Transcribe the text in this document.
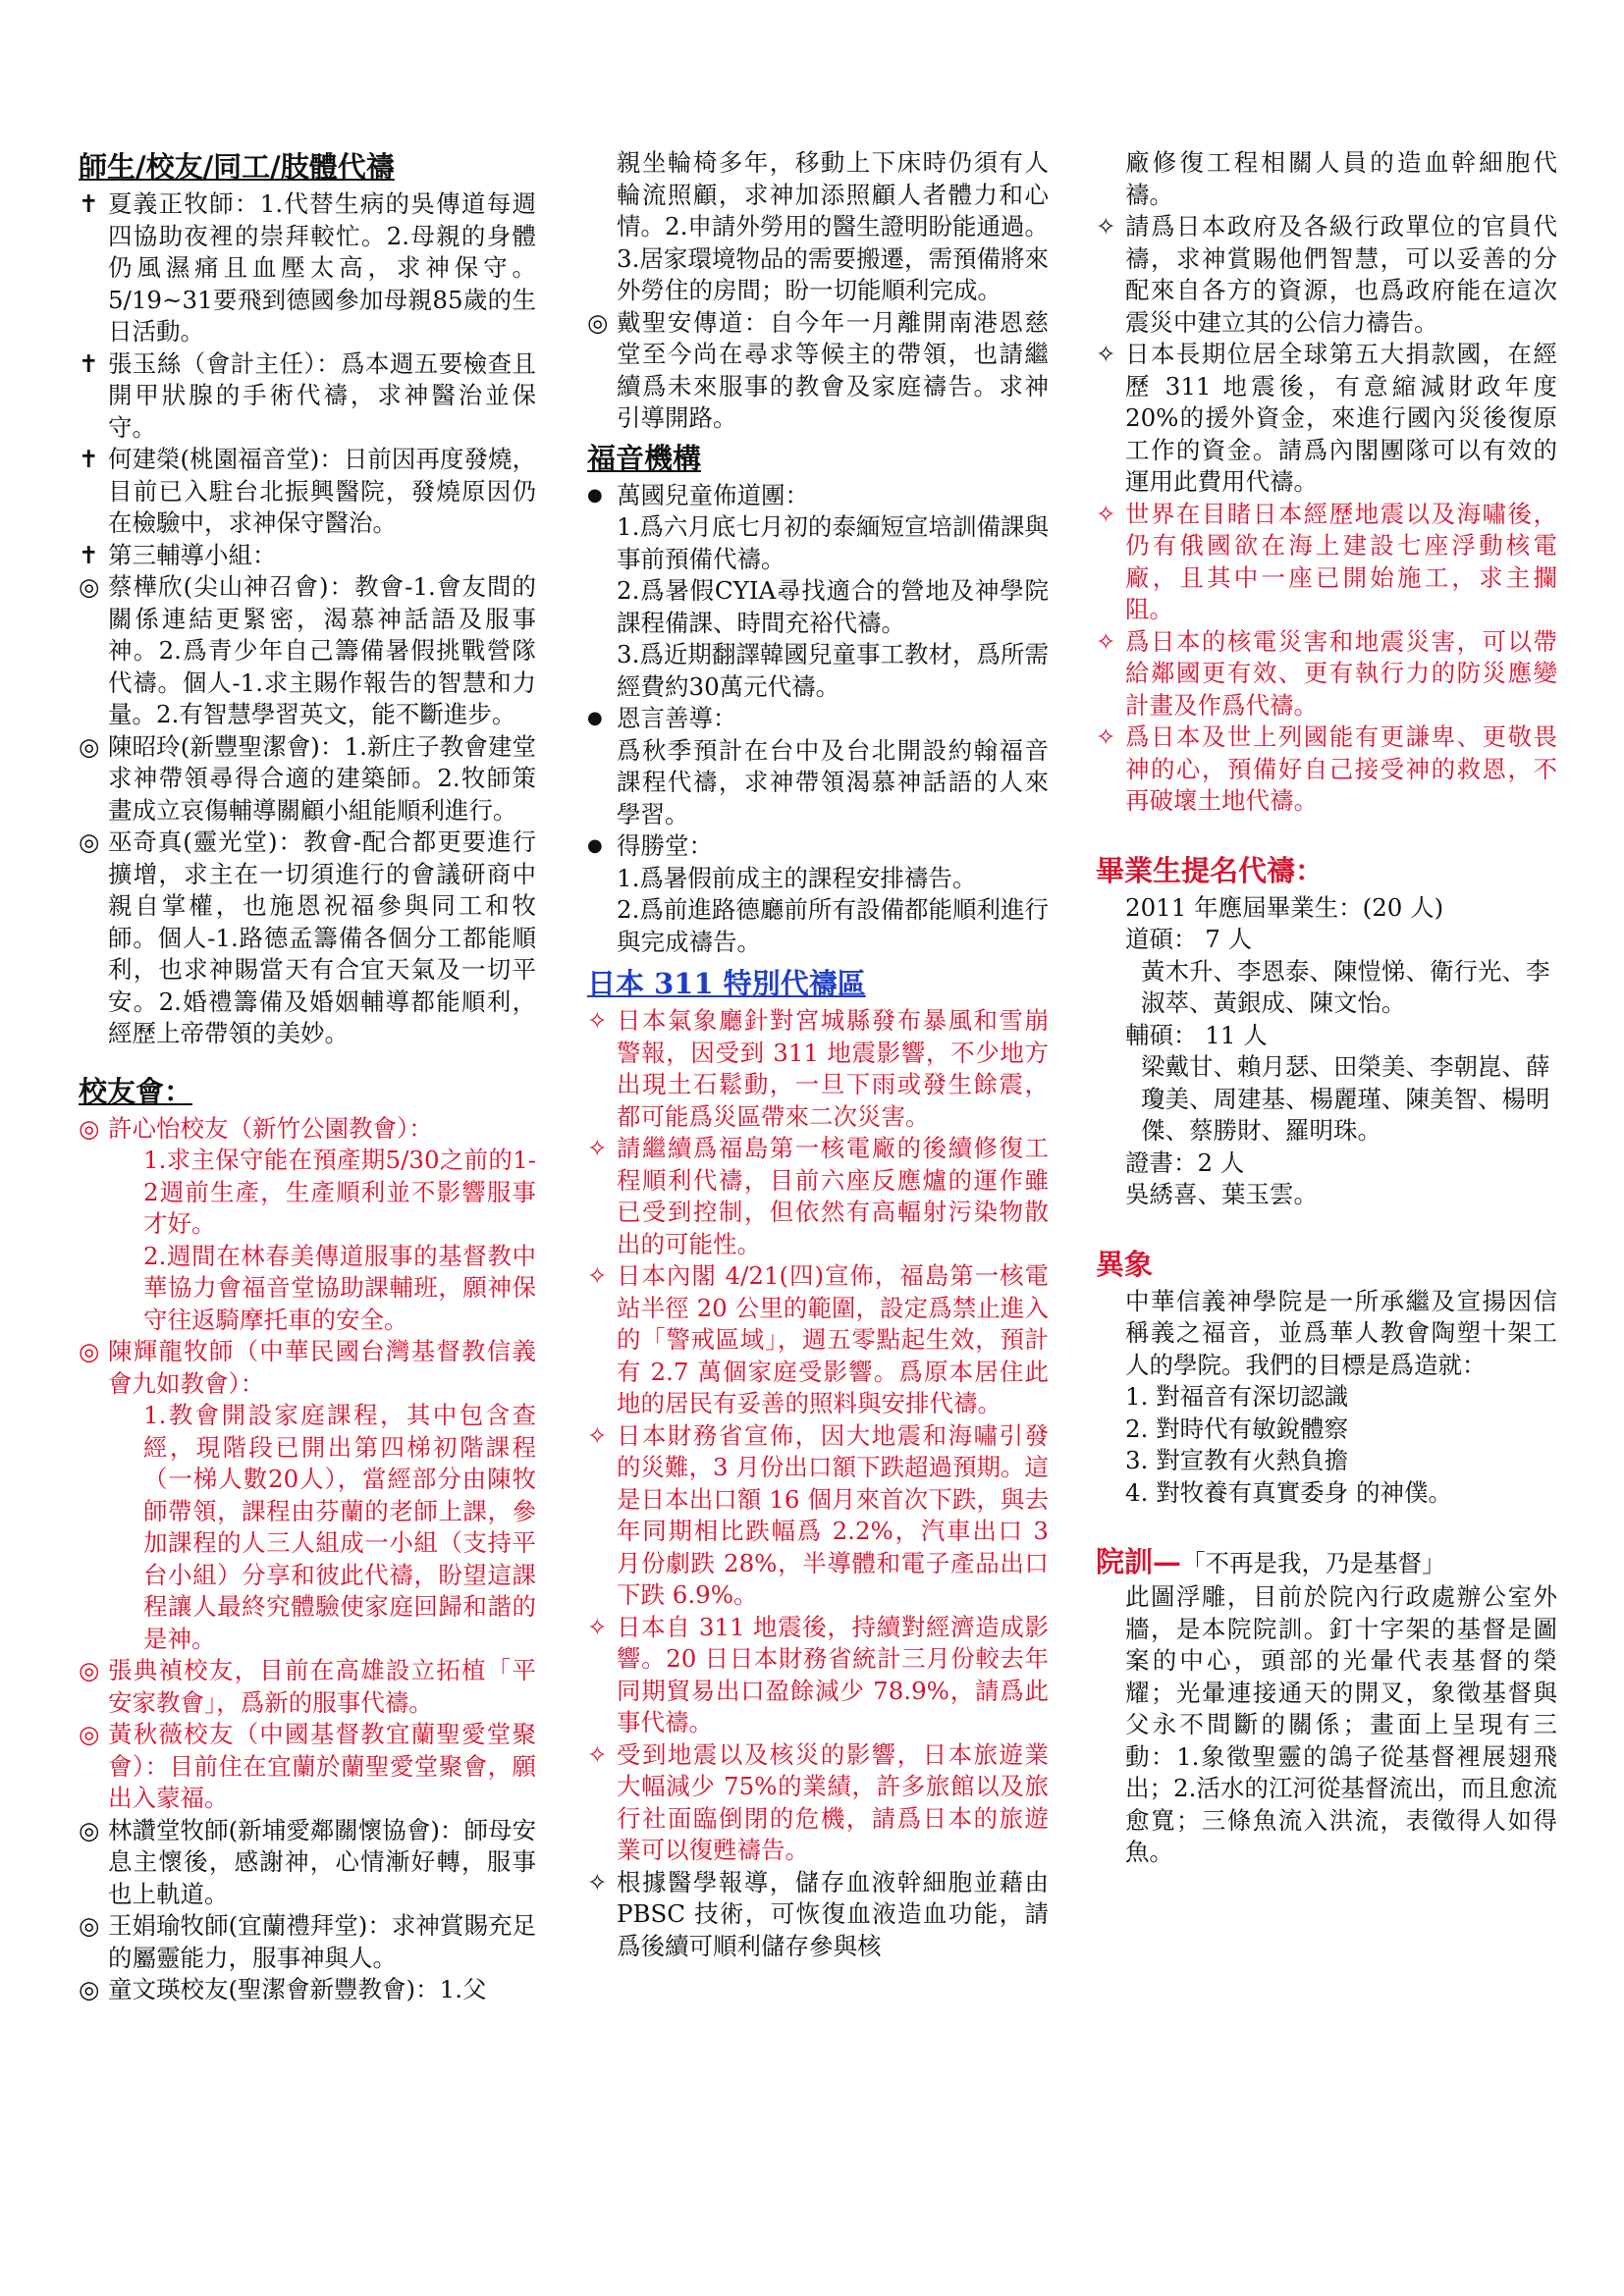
師生/校友/同工/肢體代禱
✝ 夏義正牧師：1.代替生病的吳傳道每週四協助夜裡的崇拜較忙。2.母親的身體仍風濕痛且血壓太高，求神保守。5/19~31要飛到德國參加母親85歲的生日活動。
✝ 張玉絲（會計主任）：爲本週五要檢查且開甲狀腺的手術代禱，求神醫治並保守。
✝ 何建榮(桃園福音堂)：日前因再度發燒，目前已入駐台北振興醫院，發燒原因仍在檢驗中，求神保守醫治。
✝ 第三輔導小組：
◎ 蔡樺欣(尖山神召會)：教會-1.會友間的關係連結更緊密，渴慕神話語及服事神。2.爲青少年自己籌備暑假挑戰營隊代禱。個人-1.求主賜作報告的智慧和力量。2.有智慧學習英文，能不斷進步。
◎ 陳昭玲(新豐聖潔會)：1.新庄子教會建堂求神帶領尋得合適的建築師。2.牧師策畫成立哀傷輔導關顧小組能順利進行。
◎ 巫奇真(靈光堂)：教會-配合都更要進行擴增，求主在一切須進行的會議研商中親自掌權，也施恩祝福參與同工和牧師。個人-1.路德孟籌備各個分工都能順利，也求神賜當天有合宜天氣及一切平安。2.婚禮籌備及婚姻輔導都能順利，經歷上帝帶領的美妙。
校友會：
◎ 許心怡校友（新竹公園教會）：
1.求主保守能在預產期5/30之前的1-2週前生產，生產順利並不影響服事才好。
2.週間在林春美傳道服事的基督教中華協力會福音堂協助課輔班，願神保守往返騎摩托車的安全。
◎ 陳輝龍牧師（中華民國台灣基督教信義會九如教會）：
1.教會開設家庭課程，其中包含查經，現階段已開出第四梯初階課程（一梯人數20人），當經部分由陳牧師帶領，課程由芬蘭的老師上課，參加課程的人三人組成一小組（支持平台小組）分享和彼此代禱，盼望這課程讓人最終究體驗使家庭回歸和諧的是神。
◎ 張典禎校友，目前在高雄設立拓植「平安家教會」，爲新的服事代禱。
◎ 黃秋薇校友（中國基督教宜蘭聖愛堂聚會）：目前住在宜蘭於蘭聖愛堂聚會，願出入蒙福。
◎ 林讚堂牧師(新埔愛鄰關懷協會)：師母安息主懷後，感謝神，心情漸好轉，服事也上軌道。
◎ 王娟瑜牧師(宜蘭禮拜堂)：求神賞賜充足的屬靈能力，服事神與人。
◎ 童文瑛校友(聖潔會新豐教會)：1.父
親坐輪椅多年，移動上下床時仍須有人輪流照顧，求神加添照顧人者體力和心情。2.申請外勞用的醫生證明盼能通過。3.居家環境物品的需要搬遷，需預備將來外勞住的房間；盼一切能順利完成。
◎ 戴聖安傳道：自今年一月離開南港恩慈堂至今尚在尋求等候主的帶領，也請繼續爲未來服事的教會及家庭禱告。求神引導開路。
福音機構
● 萬國兒童佈道團：
1.爲六月底七月初的泰緬短宣培訓備課與事前預備代禱。
2.爲暑假CYIA尋找適合的營地及神學院課程備課、時間充裕代禱。
3.爲近期翻譯韓國兒童事工教材，爲所需經費約30萬元代禱。
● 恩言善導：
爲秋季預計在台中及台北開設約翰福音課程代禱，求神帶領渴慕神話語的人來學習。
● 得勝堂：
1.爲暑假前成主的課程安排禱告。
2.爲前進路德廳前所有設備都能順利進行與完成禱告。
日本 311 特別代禱區
✧ 日本氣象廳針對宮城縣發布暴風和雪崩警報，因受到 311 地震影響，不少地方出現土石鬆動，一旦下雨或發生餘震，都可能爲災區帶來二次災害。
✧ 請繼續爲福島第一核電廠的後續修復工程順利代禱，目前六座反應爐的運作雖已受到控制，但依然有高輻射污染物散出的可能性。
✧ 日本內閣 4/21(四)宣佈，福島第一核電站半徑 20 公里的範圍，設定爲禁止進入的「警戒區域」，週五零點起生效，預計有 2.7 萬個家庭受影響。爲原本居住此地的居民有妥善的照料與安排代禱。
✧ 日本財務省宣佈，因大地震和海嘯引發的災難，3 月份出口額下跌超過預期。這是日本出口額 16 個月來首次下跌，與去年同期相比跌幅爲 2.2%，汽車出口 3 月份劇跌 28%，半導體和電子產品出口下跌 6.9%。
✧ 日本自 311 地震後，持續對經濟造成影響。20 日日本財務省統計三月份較去年同期貿易出口盈餘減少 78.9%，請爲此事代禱。
✧ 受到地震以及核災的影響，日本旅遊業大幅減少 75%的業績，許多旅館以及旅行社面臨倒閉的危機，請爲日本的旅遊業可以復甦禱告。
✧ 根據醫學報導，儲存血液幹細胞並藉由 PBSC 技術，可恢復血液造血功能，請爲後續可順利儲存參與核
廠修復工程相關人員的造血幹細胞代禱。
✧ 請爲日本政府及各級行政單位的官員代禱，求神賞賜他們智慧，可以妥善的分配來自各方的資源，也爲政府能在這次震災中建立其的公信力禱告。
✧ 日本長期位居全球第五大捐款國，在經歷 311 地震後，有意縮減財政年度 20%的援外資金，來進行國內災後復原工作的資金。請爲內閣團隊可以有效的運用此費用代禱。
✧ 世界在目睹日本經歷地震以及海嘯後，仍有俄國欲在海上建設七座浮動核電廠，且其中一座已開始施工，求主攔阻。
✧ 爲日本的核電災害和地震災害，可以帶給鄰國更有效、更有執行力的防災應變計畫及作爲代禱。
✧ 爲日本及世上列國能有更謙卑、更敬畏神的心，預備好自己接受神的救恩，不再破壞土地代禱。
畢業生提名代禱：
2011 年應屆畢業生：(20 人)
道碩： 7 人
黃木升、李恩泰、陳愷悌、衛行光、李淑萃、黃銀成、陳文怡。
輔碩： 11 人
梁戴甘、賴月瑟、田榮美、李朝崑、薛瓊美、周建基、楊麗瑾、陳美智、楊明傑、蔡勝財、羅明珠。
證書：2 人
吳綉喜、葉玉雲。
異象
中華信義神學院是一所承繼及宣揚因信稱義之福音，並爲華人教會陶塑十架工人的學院。我們的目標是爲造就：
1. 對福音有深切認識
2. 對時代有敏銳體察
3. 對宣教有火熱負擔
4. 對牧養有真實委身 的神僕。
院訓—「不再是我，乃是基督」
此圖浮雕，目前於院內行政處辦公室外牆，是本院院訓。釘十字架的基督是圖案的中心，頭部的光暈代表基督的榮耀；光暈連接通天的開叉，象徵基督與父永不間斷的關係；畫面上呈現有三動：1.象徵聖靈的鴿子從基督裡展翅飛出；2.活水的江河從基督流出，而且愈流愈寬；三條魚流入洪流，表徵得人如得魚。
